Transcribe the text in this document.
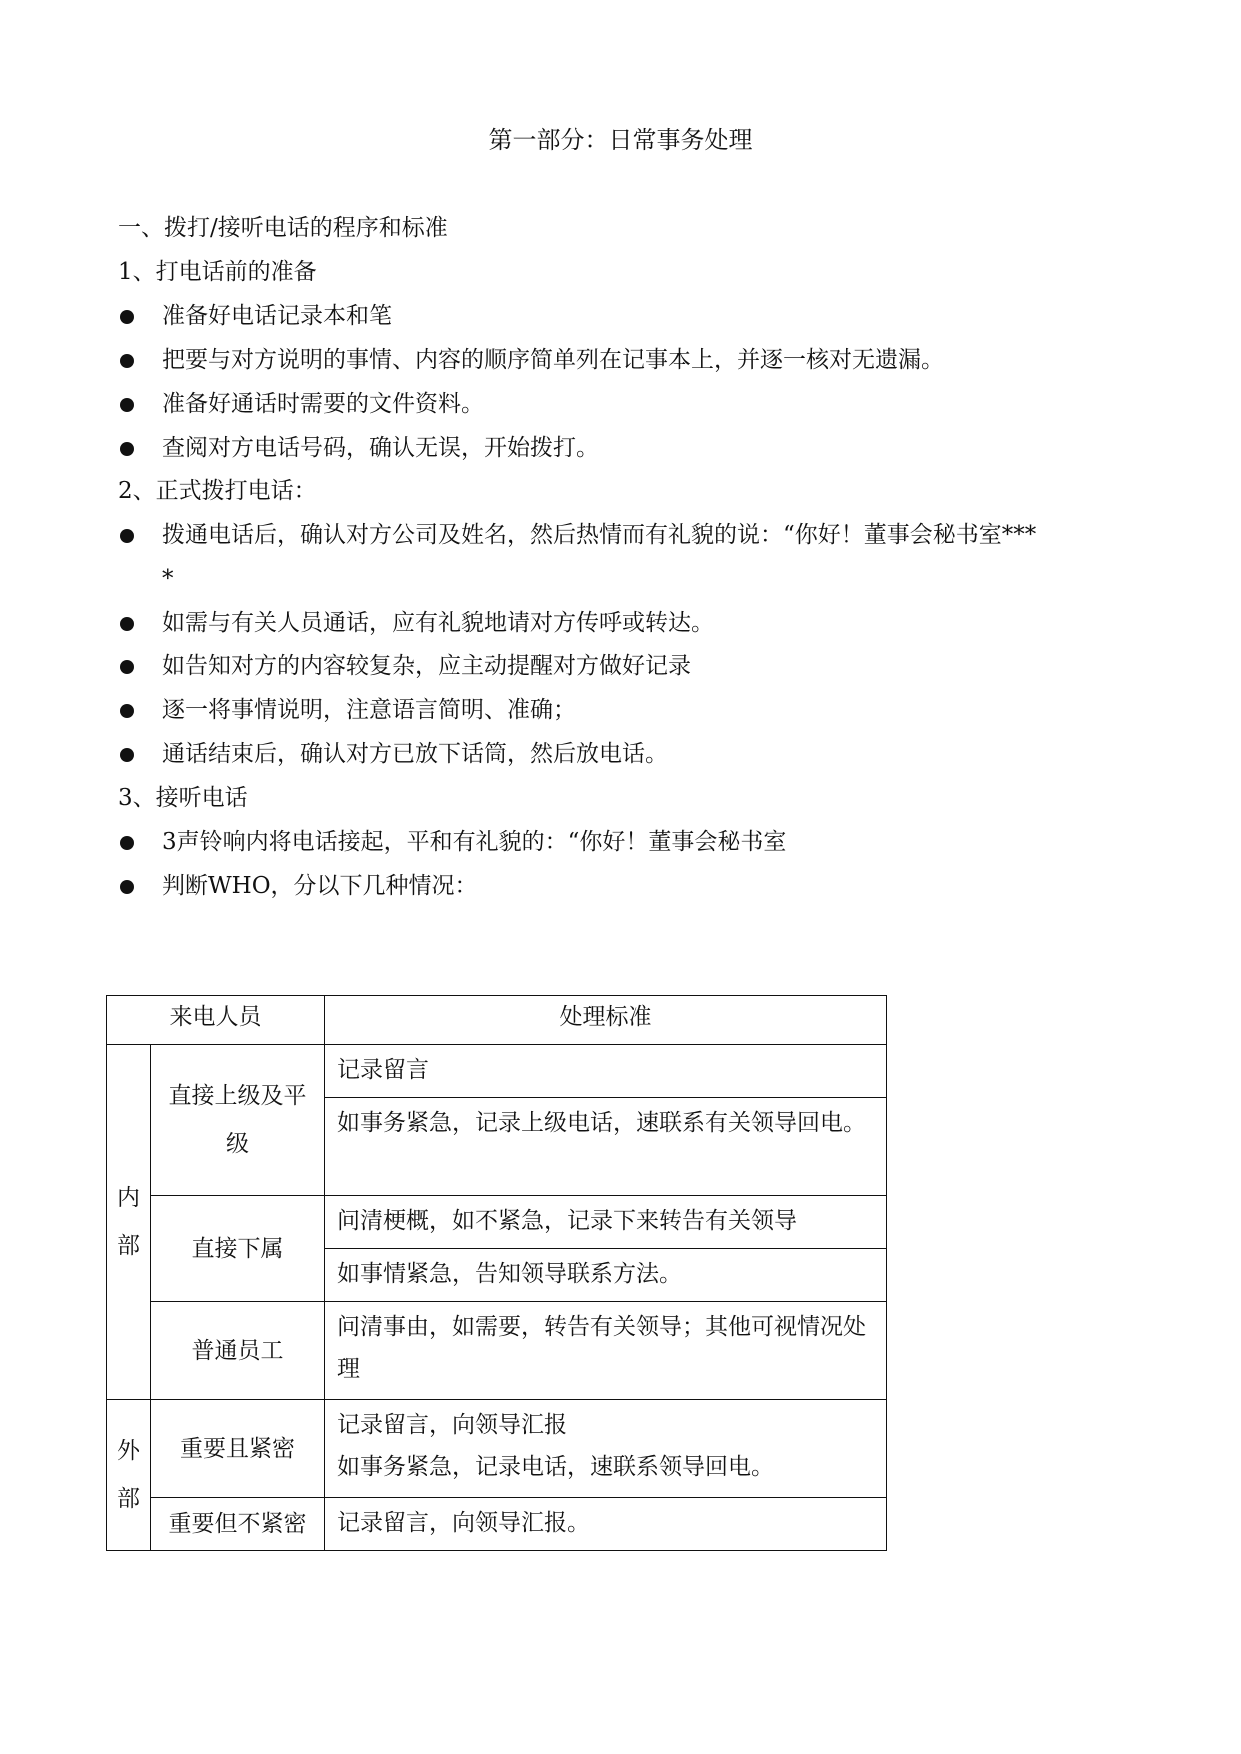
第一部分：日常事务处理
一、拨打/接听电话的程序和标准
1、打电话前的准备
准备好电话记录本和笔
把要与对方说明的事情、内容的顺序简单列在记事本上，并逐一核对无遗漏。
准备好通话时需要的文件资料。
查阅对方电话号码，确认无误，开始拨打。
2、正式拨打电话：
拨通电话后，确认对方公司及姓名，然后热情而有礼貌的说：“你好！董事会秘书室***
*
如需与有关人员通话，应有礼貌地请对方传呼或转达。
如告知对方的内容较复杂，应主动提醒对方做好记录
逐一将事情说明，注意语言简明、准确；
通话结束后，确认对方已放下话筒，然后放电话。
3、接听电话
3声铃响内将电话接起，平和有礼貌的：“你好！董事会秘书室
判断WHO，分以下几种情况：
来电人员		处理标准
内部	直接上级及平级	记录留言
		如事务紧急，记录上级电话，速联系有关领导回电。
	直接下属	问清梗概，如不紧急，记录下来转告有关领导
		如事情紧急，告知领导联系方法。
	普通员工	问清事由，如需要，转告有关领导；其他可视情况处理
外部	重要且紧密	记录留言，向领导汇报
如事务紧急，记录电话，速联系领导回电。

	重要但不紧密	记录留言，向领导汇报。
